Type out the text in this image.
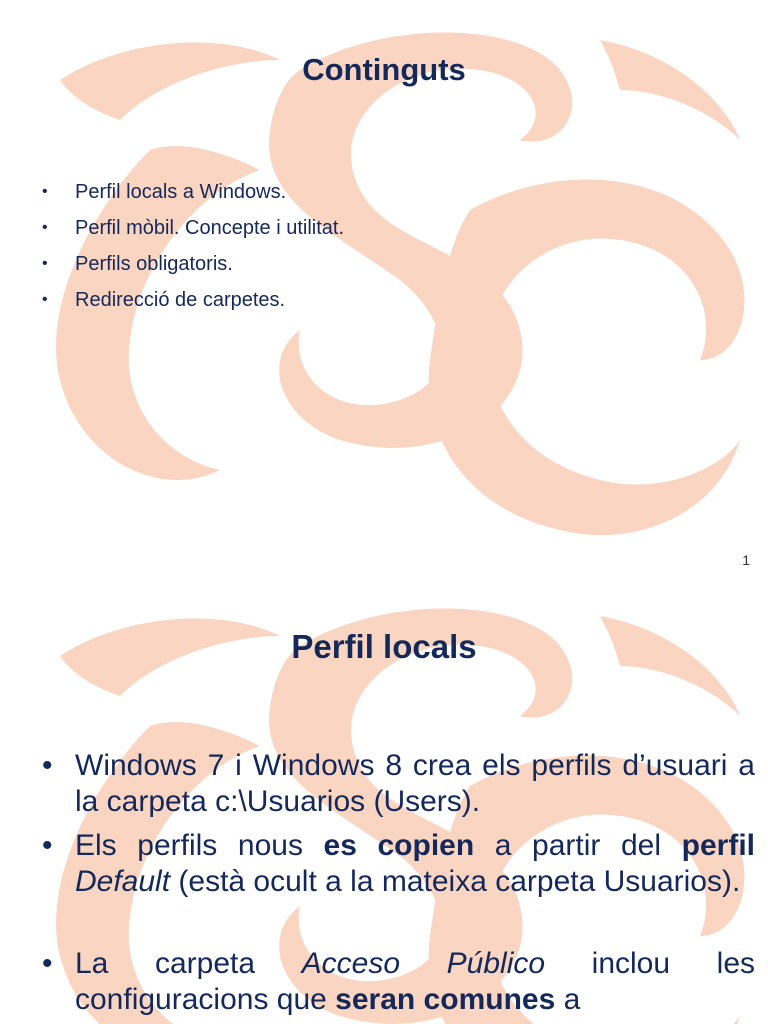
Continguts
• Perfil locals a Windows.
• Perfil mòbil. Concepte i utilitat.
• Perfils obligatoris.
• Redirecció de carpetes.
1
Perfil locals
• Windows 7 i Windows 8 crea els perfils d’usuari a la carpeta c:\Usuarios (Users).
• Els perfils nous es copien a partir del perfil Default (està ocult a la mateixa carpeta Usuarios).
• La carpeta Acceso Público inclou les configuracions que seran comunes a
